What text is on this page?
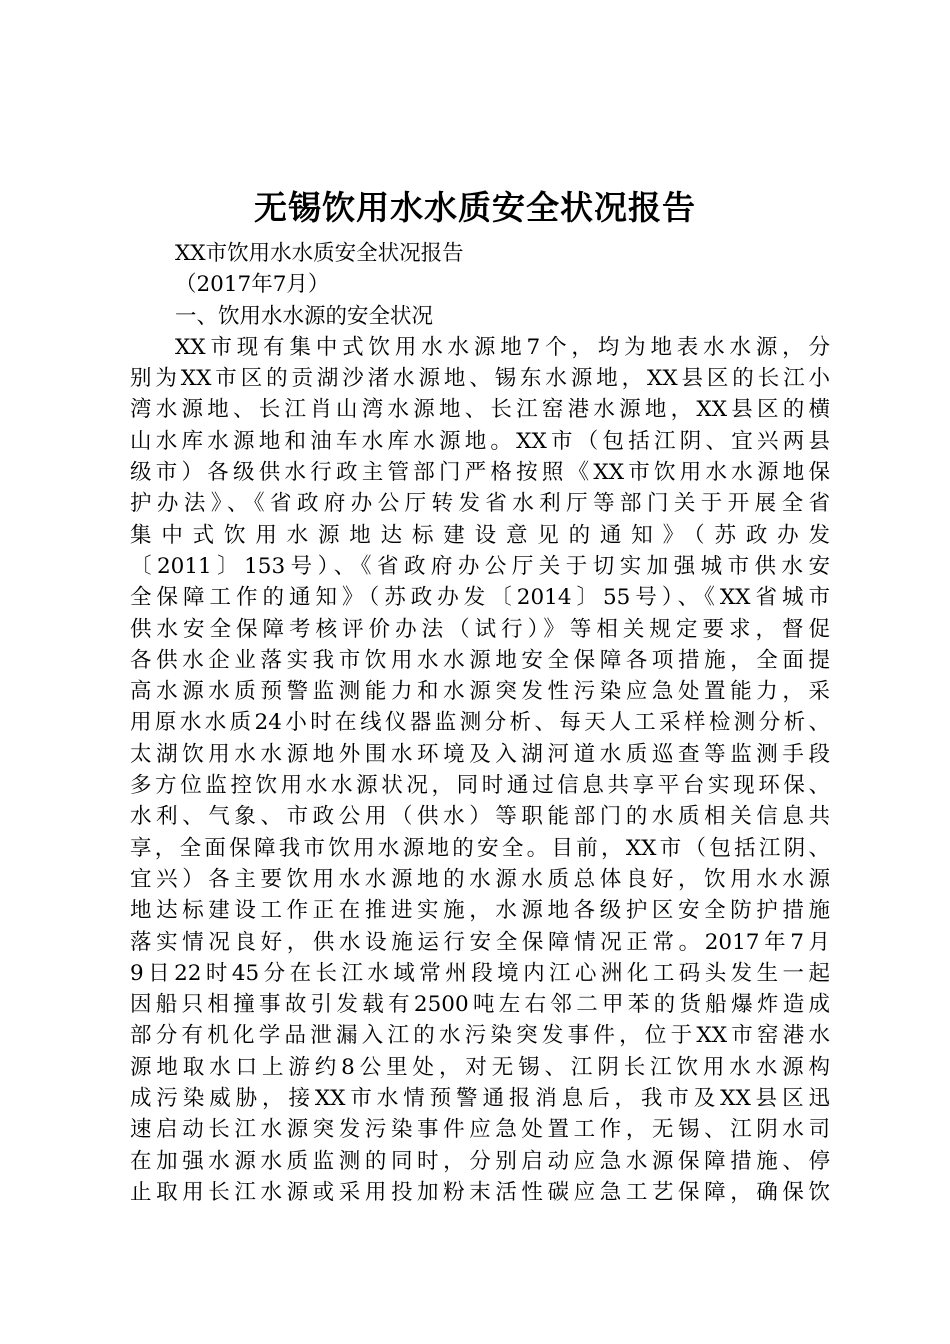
无锡饮用水水质安全状况报告
XX市饮用水水质安全状况报告
（2017年7月）
一、饮用水水源的安全状况
XX市现有集中式饮用水水源地7个，均为地表水水源，分
别为XX市区的贡湖沙渚水源地、锡东水源地，XX县区的长江小
湾水源地、长江肖山湾水源地、长江窑港水源地，XX县区的横
山水库水源地和油车水库水源地。XX市（包括江阴、宜兴两县
级市）各级供水行政主管部门严格按照《XX市饮用水水源地保
护办法》、《省政府办公厅转发省水利厅等部门关于开展全省
集中式饮用水源地达标建设意见的通知》（苏政办发
〔2011〕153号）、《省政府办公厅关于切实加强城市供水安
全保障工作的通知》（苏政办发〔2014〕55号）、《XX省城市
供水安全保障考核评价办法（试行）》等相关规定要求，督促
各供水企业落实我市饮用水水源地安全保障各项措施，全面提
高水源水质预警监测能力和水源突发性污染应急处置能力，采
用原水水质24小时在线仪器监测分析、每天人工采样检测分析、
太湖饮用水水源地外围水环境及入湖河道水质巡查等监测手段
多方位监控饮用水水源状况，同时通过信息共享平台实现环保、
水利、气象、市政公用（供水）等职能部门的水质相关信息共
享，全面保障我市饮用水源地的安全。目前，XX市（包括江阴、
宜兴）各主要饮用水水源地的水源水质总体良好，饮用水水源
地达标建设工作正在推进实施，水源地各级护区安全防护措施
落实情况良好，供水设施运行安全保障情况正常。2017年7月
9日22时45分在长江水域常州段境内江心洲化工码头发生一起
因船只相撞事故引发载有2500吨左右邻二甲苯的货船爆炸造成
部分有机化学品泄漏入江的水污染突发事件，位于XX市窑港水
源地取水口上游约8公里处，对无锡、江阴长江饮用水水源构
成污染威胁，接XX市水情预警通报消息后，我市及XX县区迅
速启动长江水源突发污染事件应急处置工作，无锡、江阴水司
在加强水源水质监测的同时，分别启动应急水源保障措施、停
止取用长江水源或采用投加粉末活性碳应急工艺保障，确保饮
